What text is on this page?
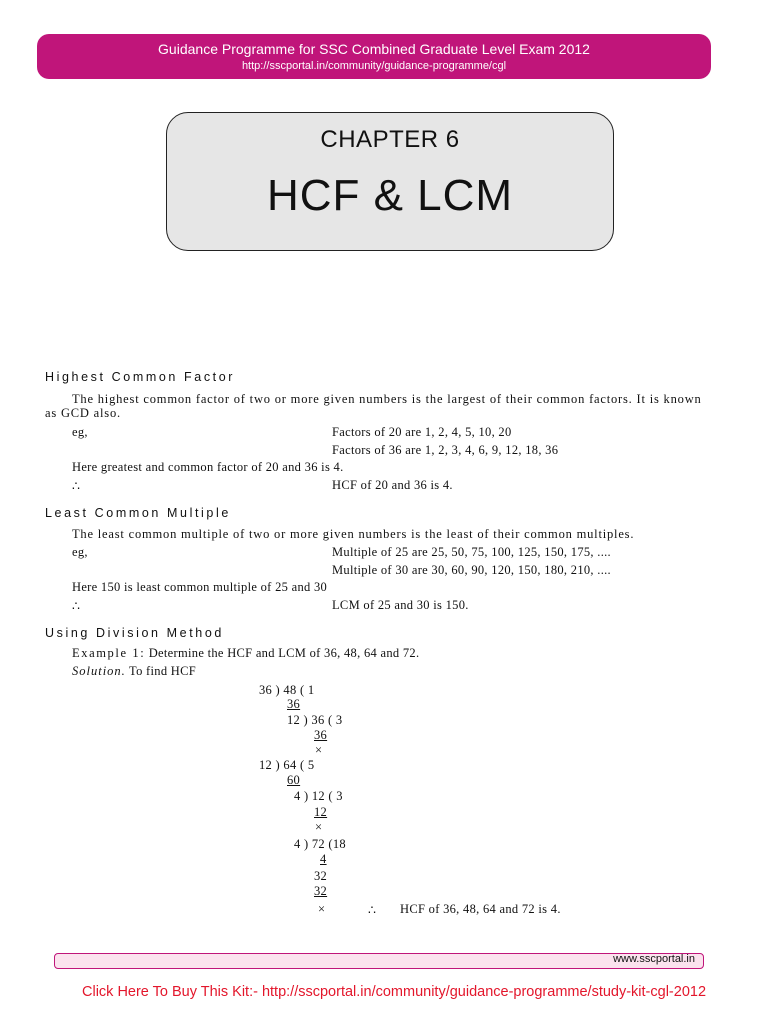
Guidance Programme for SSC Combined Graduate Level Exam 2012
http://sscportal.in/community/guidance-programme/cgl
CHAPTER 6
HCF & LCM
Highest Common Factor
The highest common factor of two or more given numbers is the largest of their common factors. It is known
as GCD also.
eg,	Factors of 20 are 1, 2, 4, 5, 10, 20
Factors of 36 are 1, 2, 3, 4, 6, 9, 12, 18, 36
Here greatest and common factor of 20 and 36 is 4.
∴	HCF of 20 and 36 is 4.
Least Common Multiple
The least common multiple of two or more given numbers is the least of their common multiples.
eg,	Multiple of 25 are 25, 50, 75, 100, 125, 150, 175, ....
Multiple of 30 are 30, 60, 90, 120, 150, 180, 210, ....
Here 150 is least common multiple of 25 and 30
∴	LCM of 25 and 30 is 150.
Using Division Method
Example 1: Determine the HCF and LCM of 36, 48, 64 and 72.
Solution. To find HCF
36 ) 48 ( 1
36
12 ) 36 ( 3
36
×
12 ) 64 ( 5
60
4 ) 12 ( 3
12
×
4 ) 72 (18
4
32
32
×	∴ HCF of 36, 48, 64 and 72 is 4.
www.sscportal.in
Click Here To Buy This Kit:- http://sscportal.in/community/guidance-programme/study-kit-cgl-2012
